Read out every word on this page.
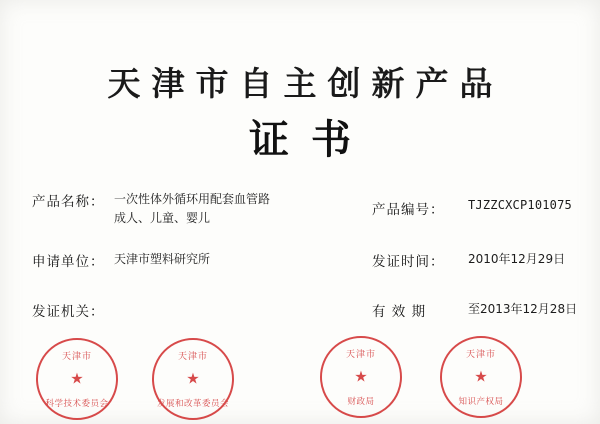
天津市自主创新产品
证书
产品名称： 一次性体外循环用配套血管路
成人、儿童、婴儿	产品编号：	TJZZCXCP101075
申请单位： 天津市塑料研究所	发证时间：	2010年12月29日
发证机关：	有 效 期	至2013年12月28日
天津市
★
科学技术委员会
天津市
★
发展和改革委员会
天津市
★
财政局
天津市
★
知识产权局
